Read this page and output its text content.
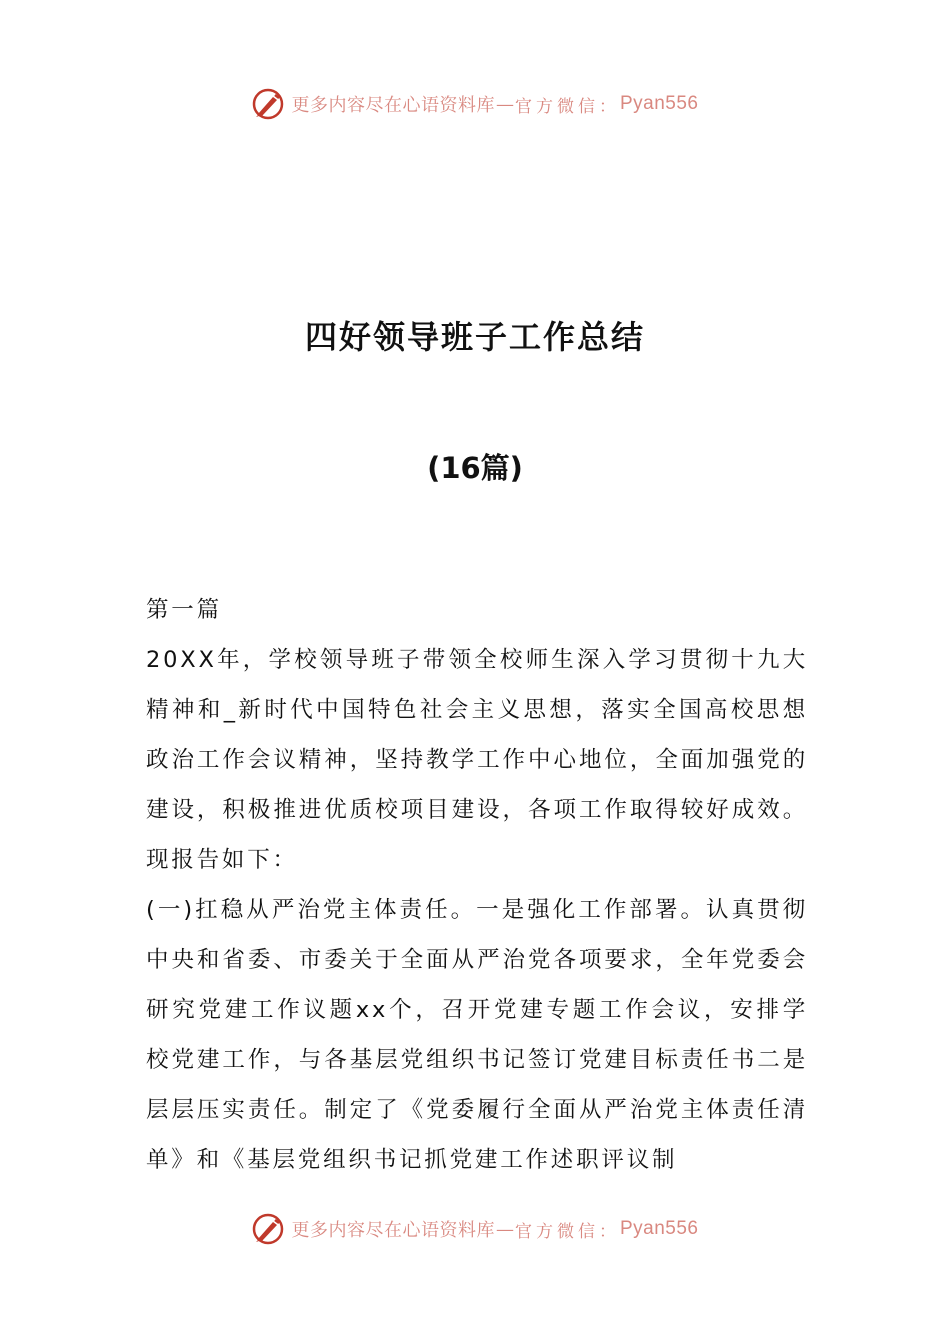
更多内容尽在心语资料库 — 官方微信： Pyan556
四好领导班子工作总结
(16篇)

第一篇

20XX年，学校领导班子带领全校师生深入学习贯彻十九大精神和_新时代中国特色社会主义思想，落实全国高校思想政治工作会议精神，坚持教学工作中心地位，全面加强党的建设，积极推进优质校项目建设，各项工作取得较好成效。现报告如下：

(一)扛稳从严治党主体责任。一是强化工作部署。认真贯彻中央和省委、市委关于全面从严治党各项要求，全年党委会研究党建工作议题xx个，召开党建专题工作会议，安排学校党建工作，与各基层党组织书记签订党建目标责任书二是层层压实责任。制定了《党委履行全面从严治党主体责任清单》和《基层党组织书记抓党建工作述职评议制

更多内容尽在心语资料库 — 官方微信： Pyan556
